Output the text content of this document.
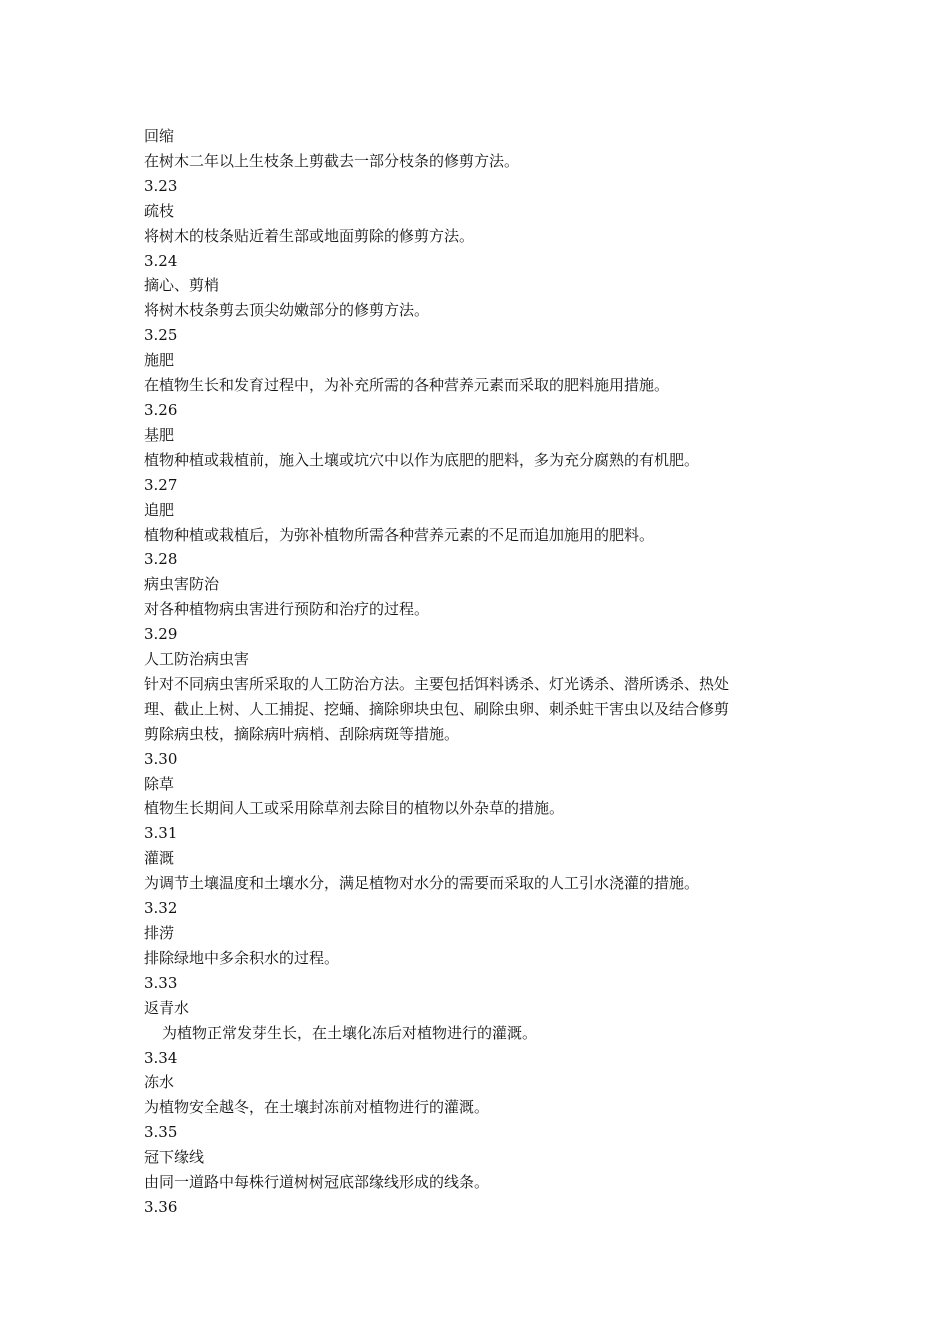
回缩
在树木二年以上生枝条上剪截去一部分枝条的修剪方法。
3.23
疏枝
将树木的枝条贴近着生部或地面剪除的修剪方法。
3.24
摘心、剪梢
将树木枝条剪去顶尖幼嫩部分的修剪方法。
3.25
施肥
在植物生长和发育过程中，为补充所需的各种营养元素而采取的肥料施用措施。
3.26
基肥
植物种植或栽植前，施入土壤或坑穴中以作为底肥的肥料，多为充分腐熟的有机肥。
3.27
追肥
植物种植或栽植后，为弥补植物所需各种营养元素的不足而追加施用的肥料。
3.28
病虫害防治
对各种植物病虫害进行预防和治疗的过程。
3.29
人工防治病虫害
针对不同病虫害所采取的人工防治方法。主要包括饵料诱杀、灯光诱杀、潜所诱杀、热处
理、截止上树、人工捕捉、挖蛹、摘除卵块虫包、刷除虫卵、刺杀蛀干害虫以及结合修剪
剪除病虫枝，摘除病叶病梢、刮除病斑等措施。
3.30
除草
植物生长期间人工或采用除草剂去除目的植物以外杂草的措施。
3.31
灌溉
为调节土壤温度和土壤水分，满足植物对水分的需要而采取的人工引水浇灌的措施。
3.32
排涝
排除绿地中多余积水的过程。
3.33
返青水
为植物正常发芽生长，在土壤化冻后对植物进行的灌溉。
3.34
冻水
为植物安全越冬，在土壤封冻前对植物进行的灌溉。
3.35
冠下缘线
由同一道路中每株行道树树冠底部缘线形成的线条。
3.36
